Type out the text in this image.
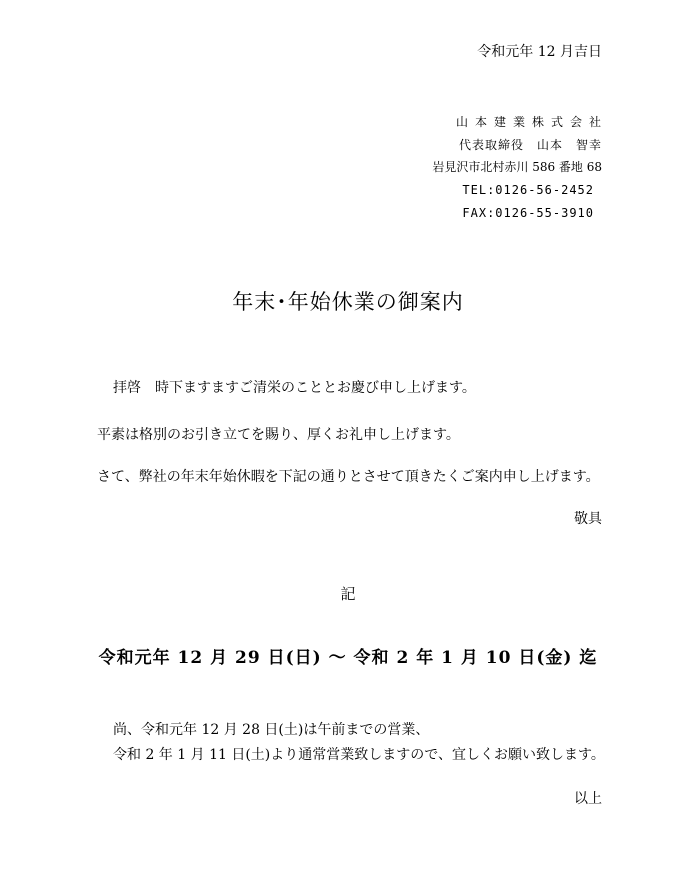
令和元年 12 月吉日
山本建業株式会社
代表取締役　山本　智幸
岩見沢市北村赤川 586 番地 68
TEL:0126-56-2452
FAX:0126-55-3910
年末･年始休業の御案内
拝啓　時下ますますご清栄のこととお慶び申し上げます。
平素は格別のお引き立てを賜り、厚くお礼申し上げます。
さて、弊社の年末年始休暇を下記の通りとさせて頂きたくご案内申し上げます。
敬具
記
令和元年 12 月 29 日(日) ～ 令和 2 年 1 月 10 日(金) 迄
尚、令和元年 12 月 28 日(土)は午前までの営業、
令和 2 年 1 月 11 日(土)より通常営業致しますので、宜しくお願い致します。
以上
